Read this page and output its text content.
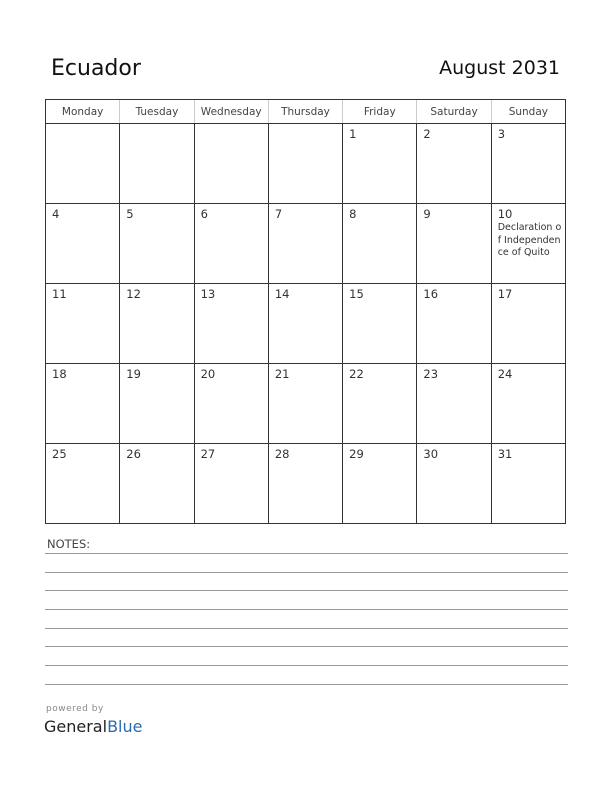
Ecuador	August 2031
Monday	Tuesday	Wednesday	Thursday	Friday	Saturday	Sunday

				1	2	3

4	5	6	7	8	9	10
Declaration of Independence of Quito

11	12	13	14	15	16	17

18	19	20	21	22	23	24

25	26	27	28	29	30	31
NOTES:
powered by
GeneralBlue
